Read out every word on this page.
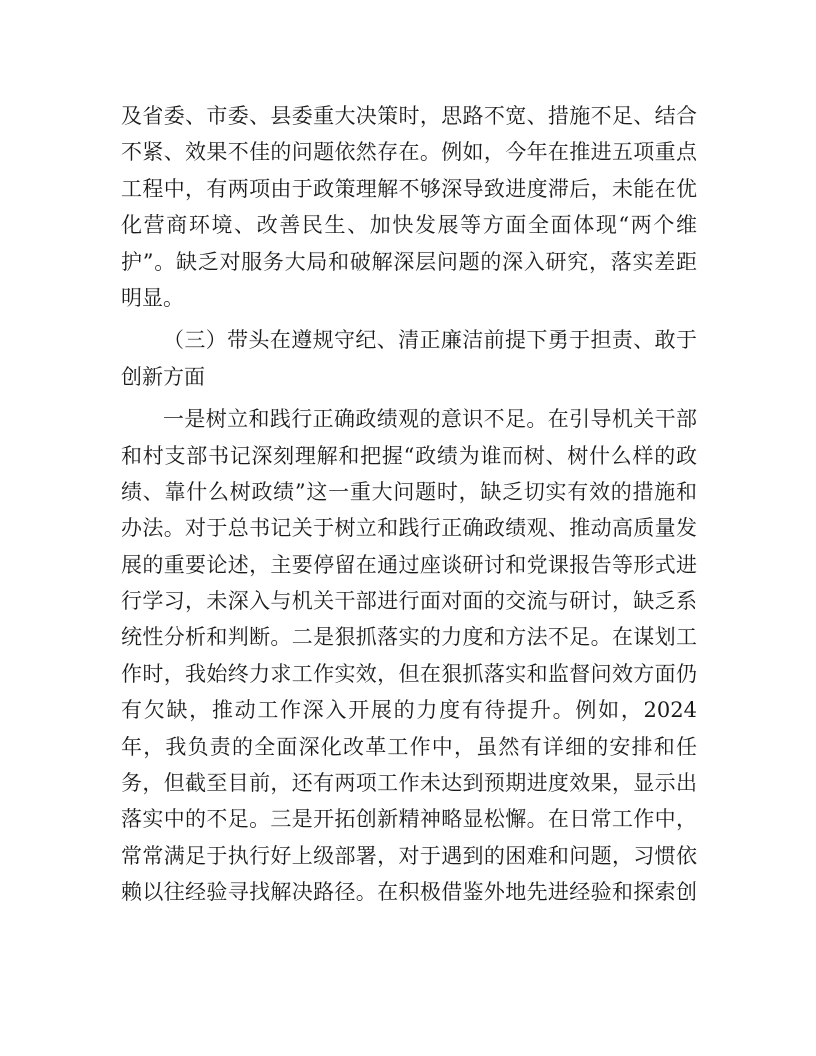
及省委、市委、县委重大决策时，思路不宽、措施不足、结合
不紧、效果不佳的问题依然存在。例如，今年在推进五项重点
工程中，有两项由于政策理解不够深导致进度滞后，未能在优
化营商环境、改善民生、加快发展等方面全面体现“两个维
护”。缺乏对服务大局和破解深层问题的深入研究，落实差距
明显。
（三）带头在遵规守纪、清正廉洁前提下勇于担责、敢于
创新方面
一是树立和践行正确政绩观的意识不足。在引导机关干部
和村支部书记深刻理解和把握“政绩为谁而树、树什么样的政
绩、靠什么树政绩”这一重大问题时，缺乏切实有效的措施和
办法。对于总书记关于树立和践行正确政绩观、推动高质量发
展的重要论述，主要停留在通过座谈研讨和党课报告等形式进
行学习，未深入与机关干部进行面对面的交流与研讨，缺乏系
统性分析和判断。二是狠抓落实的力度和方法不足。在谋划工
作时，我始终力求工作实效，但在狠抓落实和监督问效方面仍
有欠缺，推动工作深入开展的力度有待提升。例如，2024
年，我负责的全面深化改革工作中，虽然有详细的安排和任
务，但截至目前，还有两项工作未达到预期进度效果，显示出
落实中的不足。三是开拓创新精神略显松懈。在日常工作中，
常常满足于执行好上级部署，对于遇到的困难和问题，习惯依
赖以往经验寻找解决路径。在积极借鉴外地先进经验和探索创
